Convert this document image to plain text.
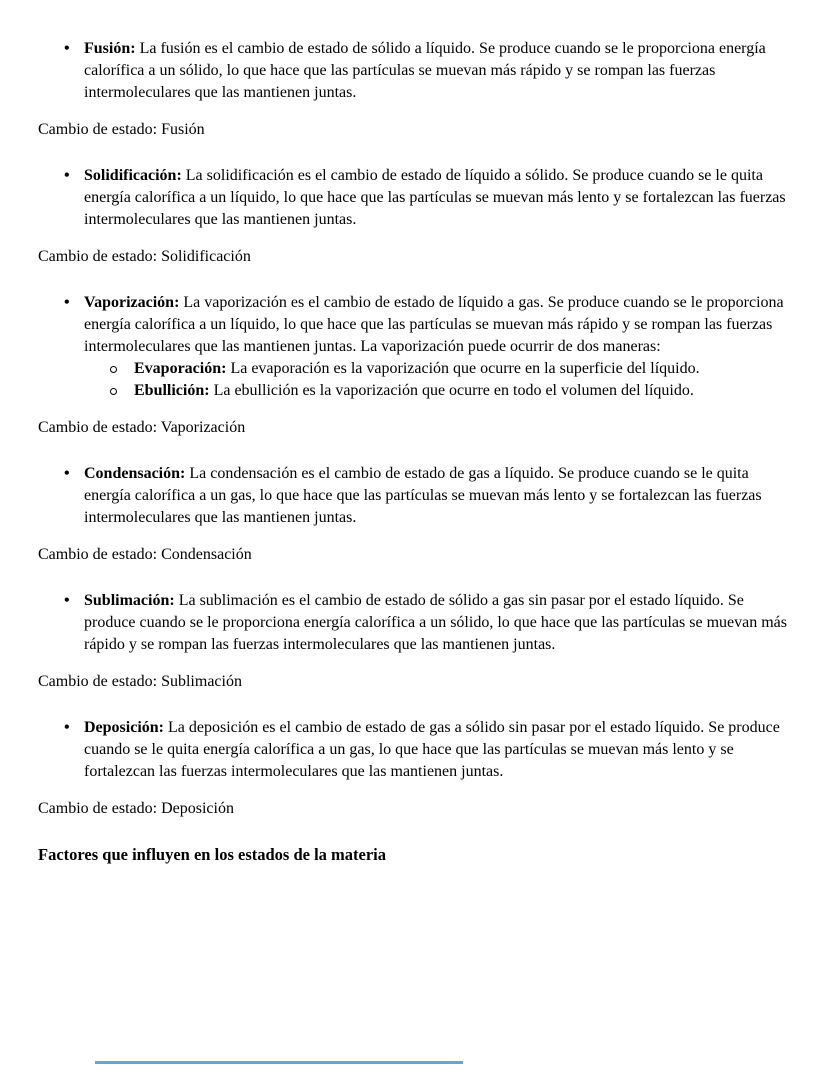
• Fusión: La fusión es el cambio de estado de sólido a líquido. Se produce cuando se le proporciona energía calorífica a un sólido, lo que hace que las partículas se muevan más rápido y se rompan las fuerzas intermoleculares que las mantienen juntas.

Cambio de estado: Fusión

• Solidificación: La solidificación es el cambio de estado de líquido a sólido. Se produce cuando se le quita energía calorífica a un líquido, lo que hace que las partículas se muevan más lento y se fortalezcan las fuerzas intermoleculares que las mantienen juntas.

Cambio de estado: Solidificación

• Vaporización: La vaporización es el cambio de estado de líquido a gas. Se produce cuando se le proporciona energía calorífica a un líquido, lo que hace que las partículas se muevan más rápido y se rompan las fuerzas intermoleculares que las mantienen juntas. La vaporización puede ocurrir de dos maneras:
Evaporación: La evaporación es la vaporización que ocurre en la superficie del líquido.
Ebullición: La ebullición es la vaporización que ocurre en todo el volumen del líquido.

Cambio de estado: Vaporización

• Condensación: La condensación es el cambio de estado de gas a líquido. Se produce cuando se le quita energía calorífica a un gas, lo que hace que las partículas se muevan más lento y se fortalezcan las fuerzas intermoleculares que las mantienen juntas.

Cambio de estado: Condensación

• Sublimación: La sublimación es el cambio de estado de sólido a gas sin pasar por el estado líquido. Se produce cuando se le proporciona energía calorífica a un sólido, lo que hace que las partículas se muevan más rápido y se rompan las fuerzas intermoleculares que las mantienen juntas.

Cambio de estado: Sublimación

• Deposición: La deposición es el cambio de estado de gas a sólido sin pasar por el estado líquido. Se produce cuando se le quita energía calorífica a un gas, lo que hace que las partículas se muevan más lento y se fortalezcan las fuerzas intermoleculares que las mantienen juntas.

Cambio de estado: Deposición

Factores que influyen en los estados de la materia
